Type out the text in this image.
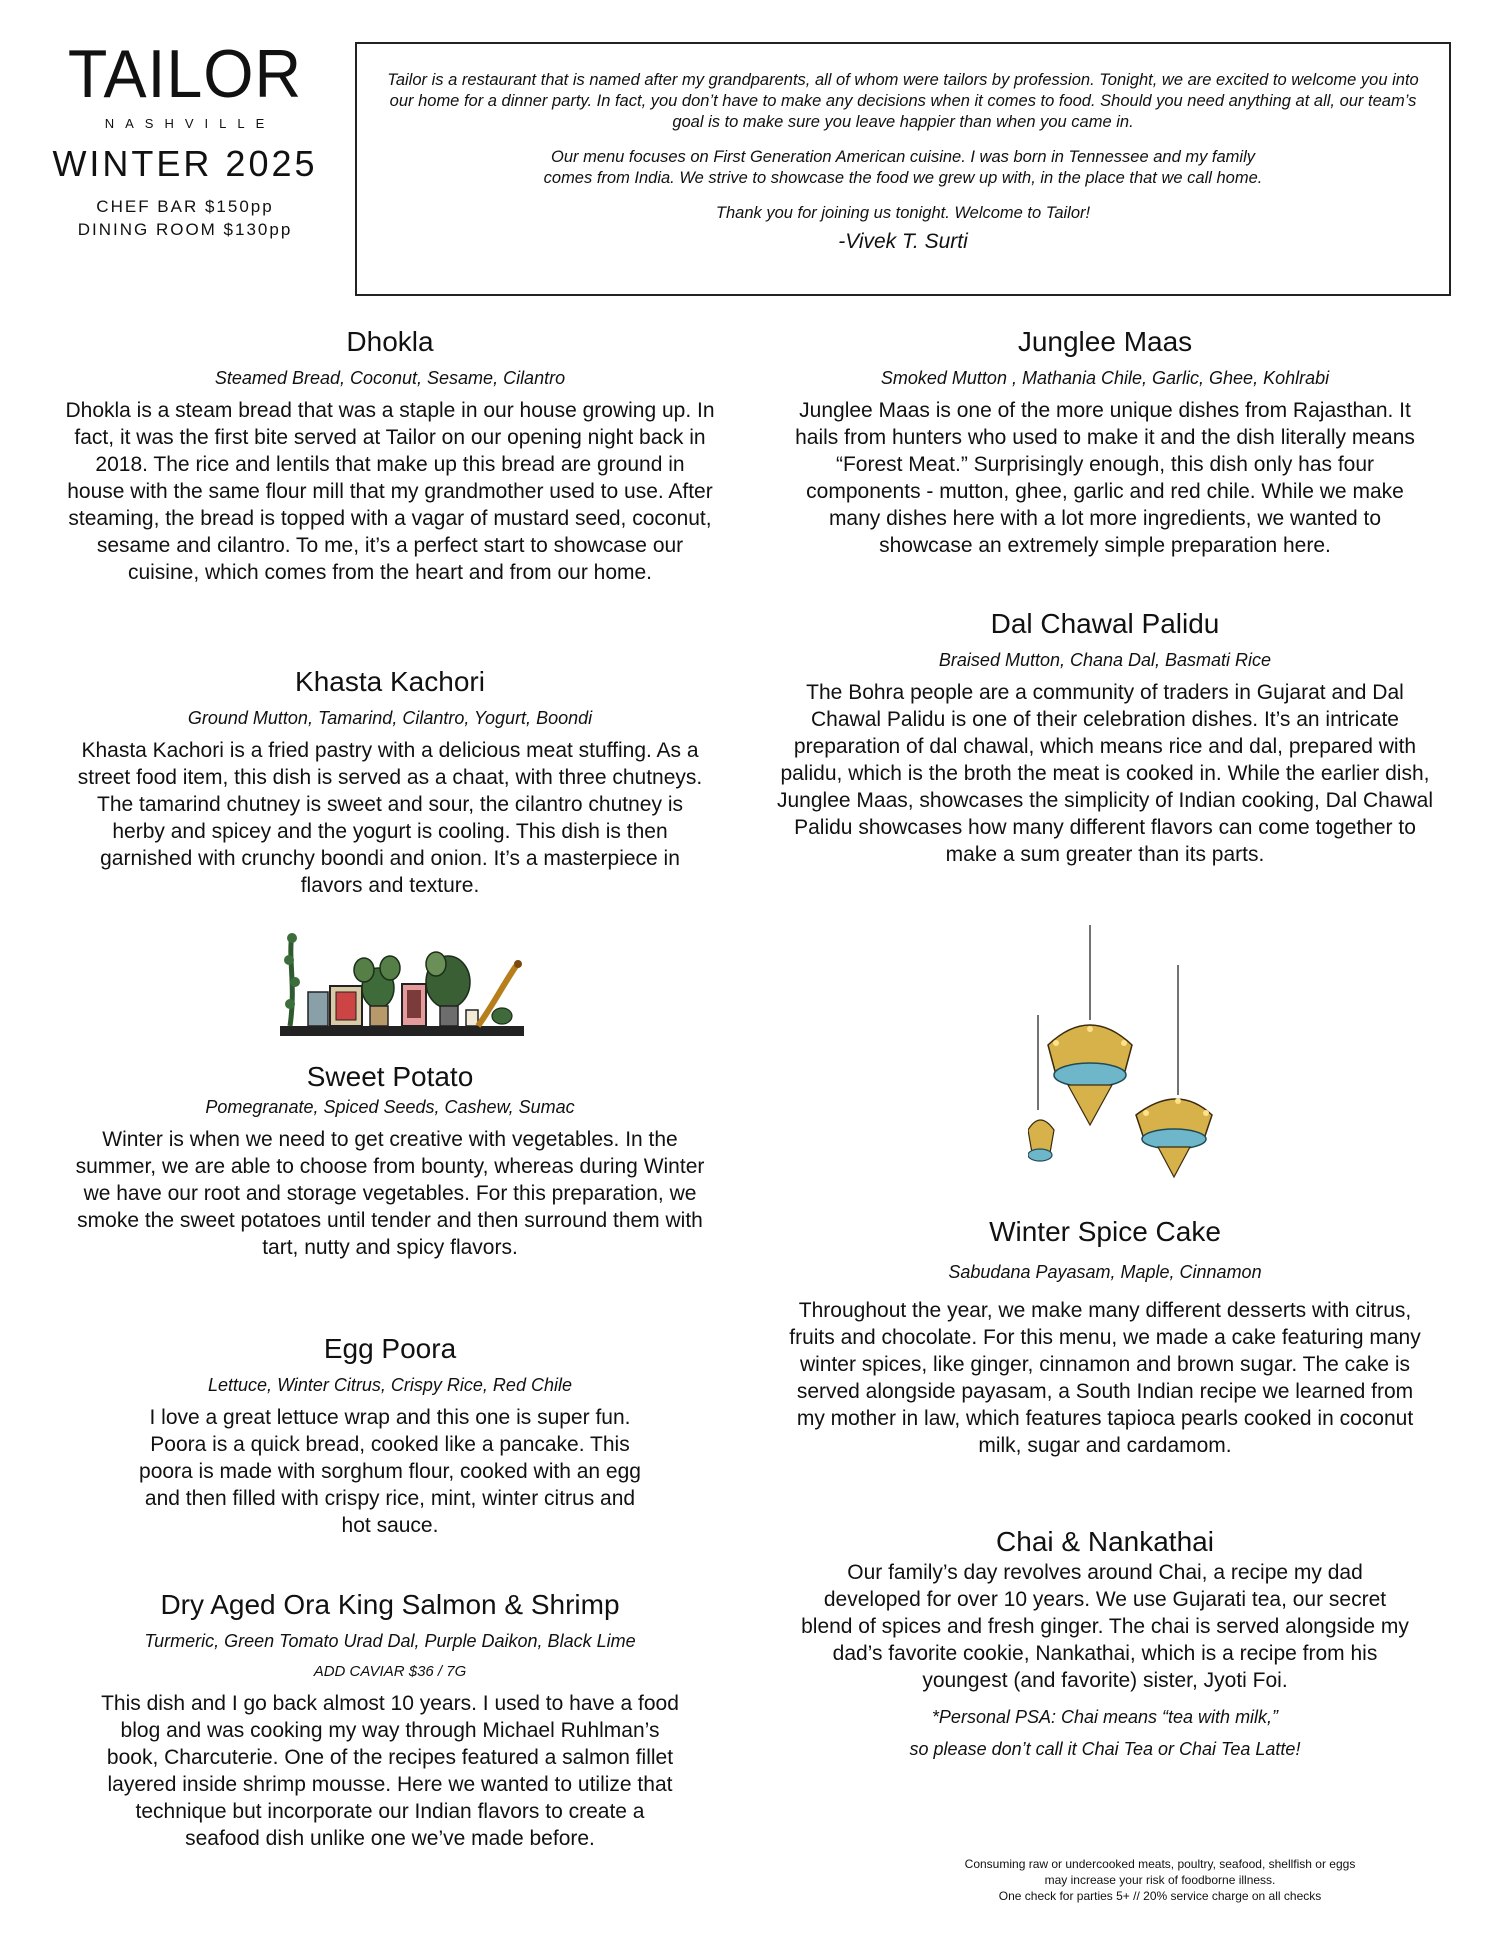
TAILOR
NASHVILLE
WINTER 2025
CHEF BAR $150pp
DINING ROOM $130pp

Tailor is a restaurant that is named after my grandparents, all of whom were tailors by profession. Tonight, we are excited to welcome you into our home for a dinner party. In fact, you don’t have to make any decisions when it comes to food. Should you need anything at all, our team’s goal is to make sure you leave happier than when you came in.

Our menu focuses on First Generation American cuisine. I was born in Tennessee and my family comes from India. We strive to showcase the food we grew up with, in the place that we call home.

Thank you for joining us tonight. Welcome to Tailor!

-Vivek T. Surti
Dhokla
Steamed Bread, Coconut, Sesame, Cilantro
Dhokla is a steam bread that was a staple in our house growing up. In fact, it was the first bite served at Tailor on our opening night back in 2018. The rice and lentils that make up this bread are ground in house with the same flour mill that my grandmother used to use. After steaming, the bread is topped with a vagar of mustard seed, coconut, sesame and cilantro. To me, it’s a perfect start to showcase our cuisine, which comes from the heart and from our home.
Khasta Kachori
Ground Mutton, Tamarind, Cilantro, Yogurt, Boondi
Khasta Kachori is a fried pastry with a delicious meat stuffing. As a street food item, this dish is served as a chaat, with three chutneys. The tamarind chutney is sweet and sour, the cilantro chutney is herby and spicey and the yogurt is cooling. This dish is then garnished with crunchy boondi and onion. It’s a masterpiece in flavors and texture.
Sweet Potato
Pomegranate, Spiced Seeds, Cashew, Sumac
Winter is when we need to get creative with vegetables. In the summer, we are able to choose from bounty, whereas during Winter we have our root and storage vegetables. For this preparation, we smoke the sweet potatoes until tender and then surround them with tart, nutty and spicy flavors.
Egg Poora
Lettuce, Winter Citrus, Crispy Rice, Red Chile
I love a great lettuce wrap and this one is super fun. Poora is a quick bread, cooked like a pancake. This poora is made with sorghum flour, cooked with an egg and then filled with crispy rice, mint, winter citrus and hot sauce.
Dry Aged Ora King Salmon & Shrimp
Turmeric, Green Tomato Urad Dal, Purple Daikon, Black Lime
ADD CAVIAR $36 / 7G
This dish and I go back almost 10 years. I used to have a food blog and was cooking my way through Michael Ruhlman’s book, Charcuterie. One of the recipes featured a salmon fillet layered inside shrimp mousse. Here we wanted to utilize that technique but incorporate our Indian flavors to create a seafood dish unlike one we’ve made before.
Junglee Maas
Smoked Mutton , Mathania Chile, Garlic, Ghee, Kohlrabi
Junglee Maas is one of the more unique dishes from Rajasthan. It hails from hunters who used to make it and the dish literally means “Forest Meat.” Surprisingly enough, this dish only has four components - mutton, ghee, garlic and red chile. While we make many dishes here with a lot more ingredients, we wanted to showcase an extremely simple preparation here.
Dal Chawal Palidu
Braised Mutton, Chana Dal, Basmati Rice
The Bohra people are a community of traders in Gujarat and Dal Chawal Palidu is one of their celebration dishes. It’s an intricate preparation of dal chawal, which means rice and dal, prepared with palidu, which is the broth the meat is cooked in. While the earlier dish, Junglee Maas, showcases the simplicity of Indian cooking, Dal Chawal Palidu showcases how many different flavors can come together to make a sum greater than its parts.
Winter Spice Cake
Sabudana Payasam, Maple, Cinnamon
Throughout the year, we make many different desserts with citrus, fruits and chocolate. For this menu, we made a cake featuring many winter spices, like ginger, cinnamon and brown sugar. The cake is served alongside payasam, a South Indian recipe we learned from my mother in law, which features tapioca pearls cooked in coconut milk, sugar and cardamom.
Chai & Nankathai
Our family’s day revolves around Chai, a recipe my dad developed for over 10 years. We use Gujarati tea, our secret blend of spices and fresh ginger. The chai is served alongside my dad’s favorite cookie, Nankathai, which is a recipe from his youngest (and favorite) sister, Jyoti Foi.
*Personal PSA: Chai means “tea with milk,”
so please don’t call it Chai Tea or Chai Tea Latte!
Consuming raw or undercooked meats, poultry, seafood, shellfish or eggs
may increase your risk of foodborne illness.
One check for parties 5+ // 20% service charge on all checks
